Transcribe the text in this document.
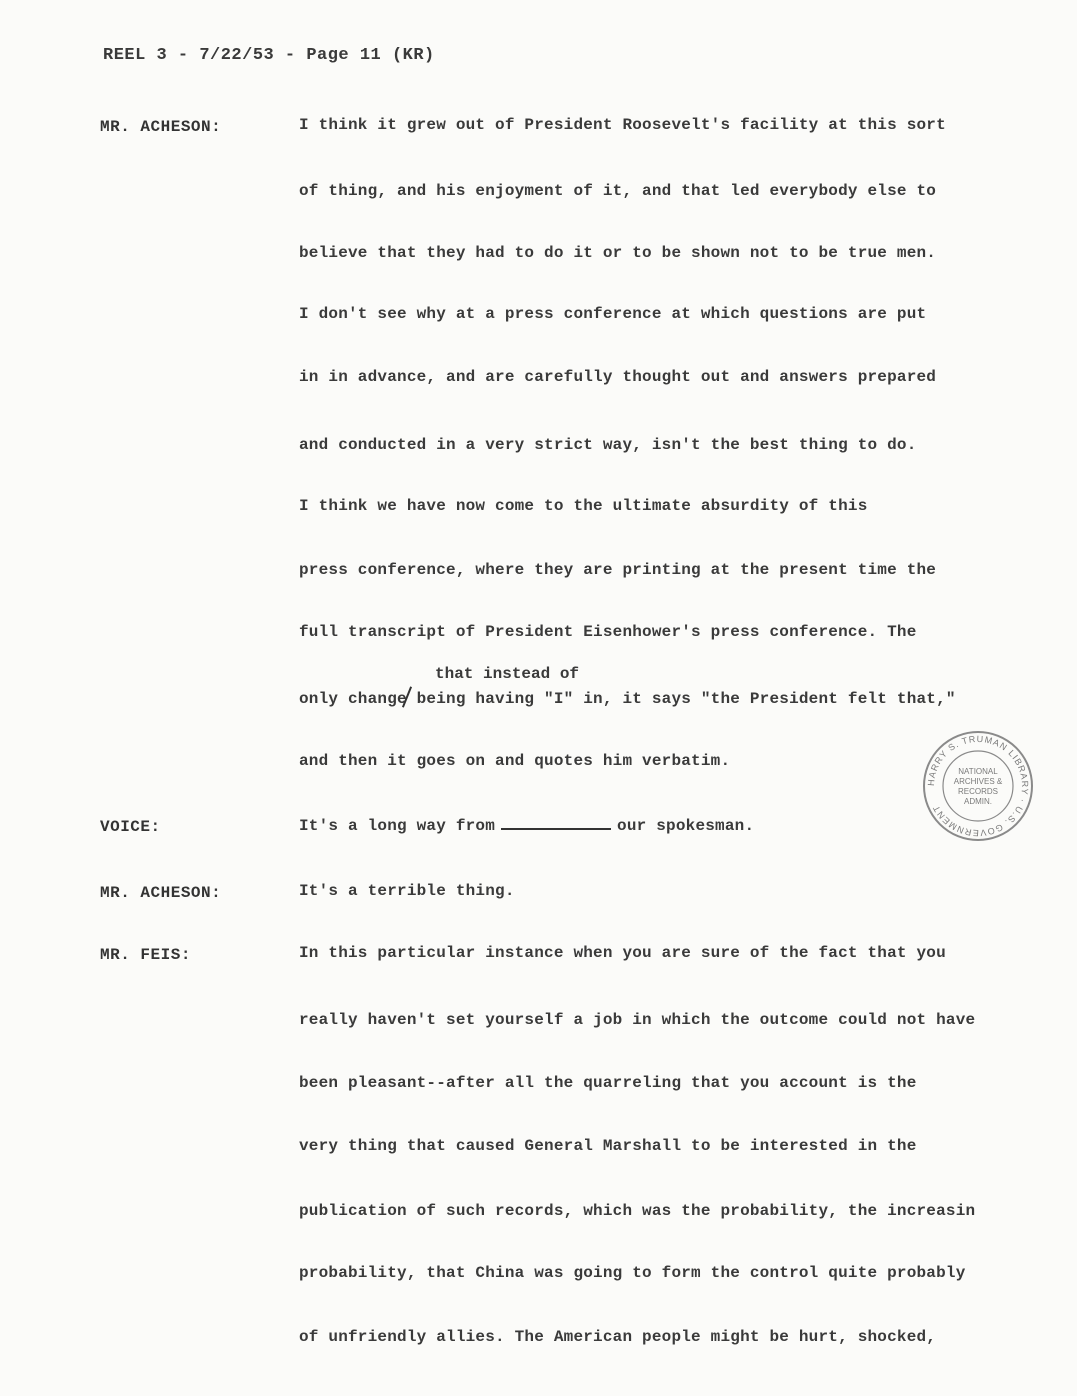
REEL 3 - 7/22/53 - Page 11 (KR)
MR. ACHESON:	I think it grew out of President Roosevelt's facility at this sort
of thing, and his enjoyment of it, and that led everybody else to
believe that they had to do it or to be shown not to be true men.
I don't see why at a press conference at which questions are put
in in advance, and are carefully thought out and answers prepared
and conducted in a very strict way, isn't the best thing to do.
I think we have now come to the ultimate absurdity of this
press conference, where they are printing at the present time the
full transcript of President Eisenhower's press conference. The
that instead of
only change being having "I" in, it says "the President felt that,"
and then it goes on and quotes him verbatim.
VOICE:	It's a long way from	our spokesman.
MR. ACHESON:	It's a terrible thing.
MR. FEIS:	In this particular instance when you are sure of the fact that you
really haven't set yourself a job in which the outcome could not have
been pleasant--after all the quarreling that you account is the
very thing that caused General Marshall to be interested in the
publication of such records, which was the probability, the increasin
probability, that China was going to form the control quite probably
of unfriendly allies. The American people might be hurt, shocked,
HARRY S. TRUMAN LIBRARY · U.S. GOVERNMENT
NATIONAL
ARCHIVES &
RECORDS
ADMIN.
